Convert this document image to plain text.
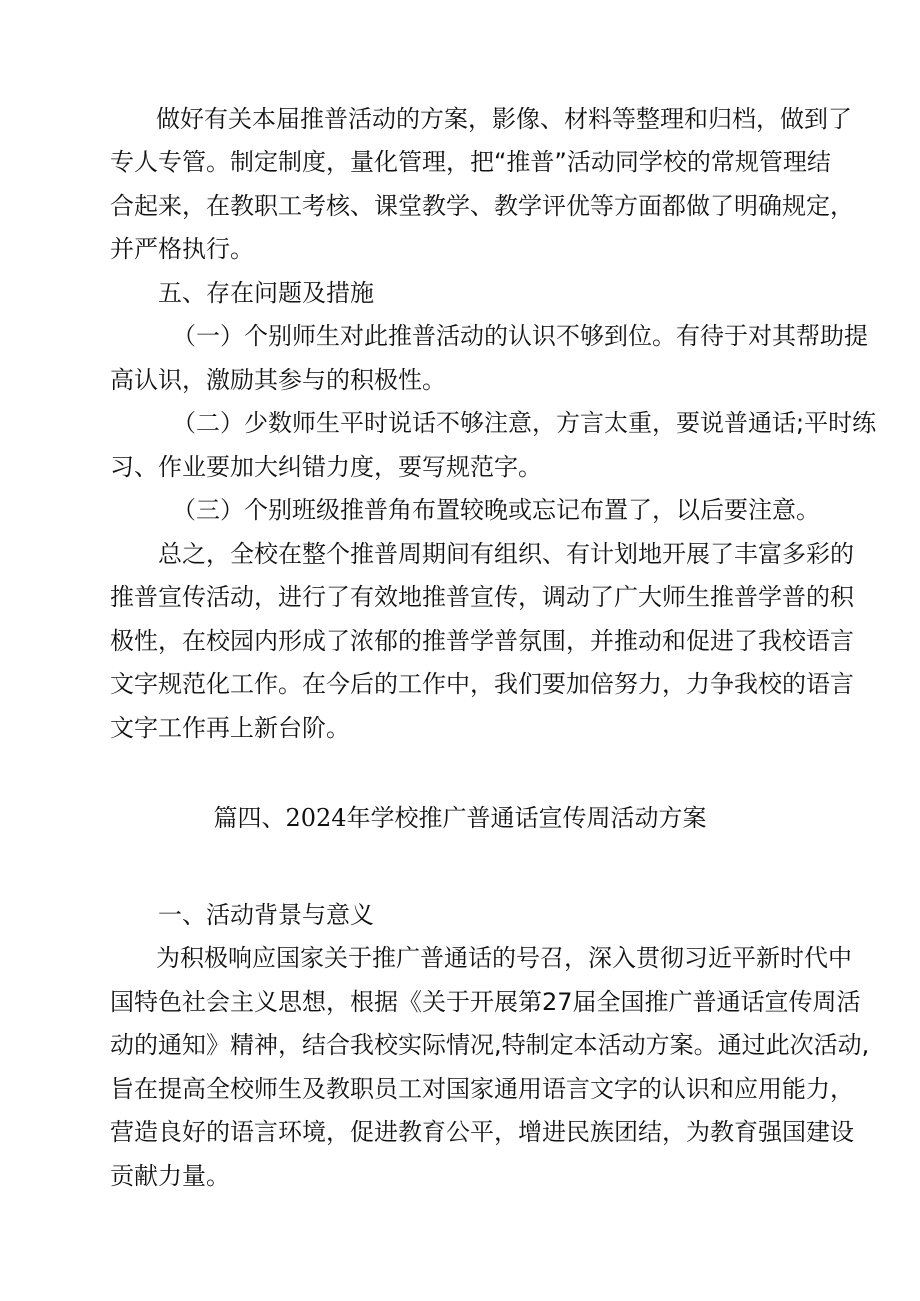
做好有关本届推普活动的方案，影像、材料等整理和归档，做到了
专人专管。制定制度，量化管理，把“推普”活动同学校的常规管理结
合起来，在教职工考核、课堂教学、教学评优等方面都做了明确规定，
并严格执行。
五、存在问题及措施
（一）个别师生对此推普活动的认识不够到位。有待于对其帮助提
高认识，激励其参与的积极性。
（二）少数师生平时说话不够注意，方言太重，要说普通话;平时练
习、作业要加大纠错力度，要写规范字。
（三）个别班级推普角布置较晚或忘记布置了，以后要注意。
总之，全校在整个推普周期间有组织、有计划地开展了丰富多彩的
推普宣传活动，进行了有效地推普宣传，调动了广大师生推普学普的积
极性，在校园内形成了浓郁的推普学普氛围，并推动和促进了我校语言
文字规范化工作。在今后的工作中，我们要加倍努力，力争我校的语言
文字工作再上新台阶。
篇四、2024年学校推广普通话宣传周活动方案
一、活动背景与意义
为积极响应国家关于推广普通话的号召，深入贯彻习近平新时代中
国特色社会主义思想，根据《关于开展第27届全国推广普通话宣传周活
动的通知》精神，结合我校实际情况,特制定本活动方案。通过此次活动,
旨在提高全校师生及教职员工对国家通用语言文字的认识和应用能力，
营造良好的语言环境，促进教育公平，增进民族团结，为教育强国建设
贡献力量。
